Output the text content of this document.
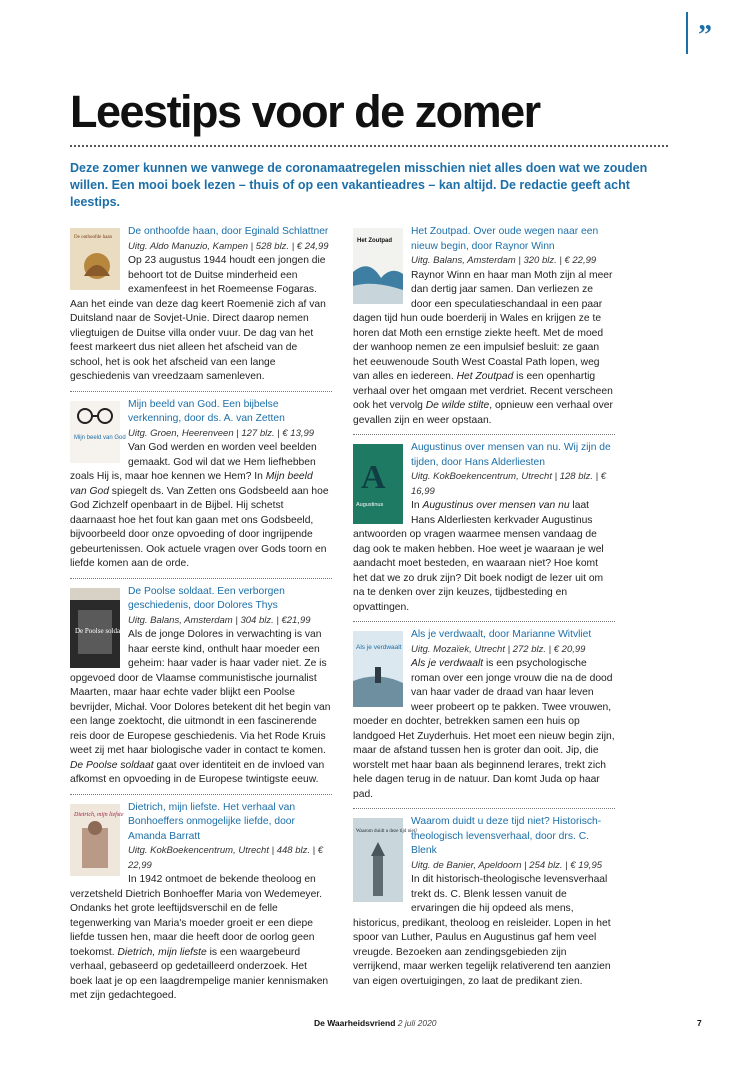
”
Leestips voor de zomer

Deze zomer kunnen we vanwege de coronamaatregelen misschien niet alles doen wat we zouden willen. Een mooi boek lezen – thuis of op een vakantieadres – kan altijd. De redactie geeft acht leestips.

De onthoofde haan
De onthoofde haan, door Eginald Schlattner
Uitg. Aldo Manuzio, Kampen | 528 blz. | € 24,99

Op 23 augustus 1944 houdt een jongen die behoort tot de Duitse minderheid een examenfeest in het Roemeense Fogaras. Aan het einde van deze dag keert Roemenië zich af van Duitsland naar de Sovjet-Unie. Direct daarop nemen vliegtuigen de Duitse villa onder vuur. De dag van het feest markeert dus niet alleen het afscheid van de school, het is ook het afscheid van een lange geschiedenis van vreedzaam samenleven.

Mijn beeld van God
Mijn beeld van God. Een bijbelse verkenning, door ds. A. van Zetten
Uitg. Groen, Heerenveen | 127 blz. | € 13,99

Van God werden en worden veel beelden gemaakt. God wil dat we Hem liefhebben zoals Hij is, maar hoe kennen we Hem? In Mijn beeld van God spiegelt ds. Van Zetten ons Godsbeeld aan hoe God Zichzelf openbaart in de Bijbel. Hij schetst daarnaast hoe het fout kan gaan met ons Godsbeeld, bijvoorbeeld door onze opvoeding of door ingrijpende gebeurtenissen. Ook actuele vragen over Gods toorn en liefde komen aan de orde.

De Poolse soldaat
De Poolse soldaat. Een verborgen geschiedenis, door Dolores Thys
Uitg. Balans, Amsterdam | 304 blz. | €21,99

Als de jonge Dolores in verwachting is van haar eerste kind, onthult haar moeder een geheim: haar vader is haar vader niet. Ze is opgevoed door de Vlaamse communistische journalist Maarten, maar haar echte vader blijkt een Poolse bevrijder, Michał. Voor Dolores betekent dit het begin van een lange zoektocht, die uitmondt in een fascinerende reis door de Europese geschiedenis. Via het Rode Kruis weet zij met haar biologische vader in contact te komen. De Poolse soldaat gaat over identiteit en de invloed van afkomst en opvoeding in de Europese twintigste eeuw.

Dietrich, mijn liefste
Dietrich, mijn liefste. Het verhaal van Bonhoeffers onmogelijke liefde, door Amanda Barratt
Uitg. KokBoekencentrum, Utrecht | 448 blz. | € 22,99

In 1942 ontmoet de bekende theoloog en verzetsheld Dietrich Bonhoeffer Maria von Wedemeyer. Ondanks het grote leeftijdsverschil en de felle tegenwerking van Maria's moeder groeit er een diepe liefde tussen hen, maar die heeft door de oorlog geen toekomst. Dietrich, mijn liefste is een waargebeurd verhaal, gebaseerd op gedetailleerd onderzoek. Het boek laat je op een laagdrempelige manier kennismaken met zijn gedachtegoed.

Het Zoutpad
Het Zoutpad. Over oude wegen naar een nieuw begin, door Raynor Winn
Uitg. Balans, Amsterdam | 320 blz. | € 22,99

Raynor Winn en haar man Moth zijn al meer dan dertig jaar samen. Dan verliezen ze door een speculatieschandaal in een paar dagen tijd hun oude boerderij in Wales en krijgen ze te horen dat Moth een ernstige ziekte heeft. Met de moed der wanhoop nemen ze een impulsief besluit: ze gaan het eeuwenoude South West Coastal Path lopen, weg van alles en iedereen. Het Zoutpad is een openhartig verhaal over het omgaan met verdriet. Recent verscheen ook het vervolg De wilde stilte, opnieuw een verhaal over gevallen zijn en weer opstaan.

A
Augustinus
Augustinus over mensen van nu. Wij zijn de tijden, door Hans Alderliesten
Uitg. KokBoekencentrum, Utrecht | 128 blz. | € 16,99

In Augustinus over mensen van nu laat Hans Alderliesten kerkvader Augustinus antwoorden op vragen waarmee mensen vandaag de dag ook te maken hebben. Hoe weet je waaraan je wel aandacht moet besteden, en waaraan niet? Hoe komt het dat we zo druk zijn? Dit boek nodigt de lezer uit om na te denken over zijn keuzes, tijdbesteding en opvattingen.

Als je verdwaalt
Als je verdwaalt, door Marianne Witvliet
Uitg. Mozaïek, Utrecht | 272 blz. | € 20,99

Als je verdwaalt is een psychologische roman over een jonge vrouw die na de dood van haar vader de draad van haar leven weer probeert op te pakken. Twee vrouwen, moeder en dochter, betrekken samen een huis op landgoed Het Zuyderhuis. Het moet een nieuw begin zijn, maar de afstand tussen hen is groter dan ooit. Jip, die worstelt met haar baan als beginnend lerares, trekt zich hele dagen terug in de natuur. Dan komt Juda op haar pad.

Waarom duidt u deze tijd niet?
Waarom duidt u deze tijd niet? Historisch-theologisch levensverhaal, door drs. C. Blenk
Uitg. de Banier, Apeldoorn | 254 blz. | € 19,95

In dit historisch-theologische levensverhaal trekt ds. C. Blenk lessen vanuit de ervaringen die hij opdeed als mens, historicus, predikant, theoloog en reisleider. Lopen in het spoor van Luther, Paulus en Augustinus gaf hem veel vreugde. Bezoeken aan zendingsgebieden zijn verrijkend, maar werken tegelijk relativerend ten aanzien van eigen overtuigingen, zo laat de predikant zien.

De Waarheidsvriend 2 juli 2020	7
